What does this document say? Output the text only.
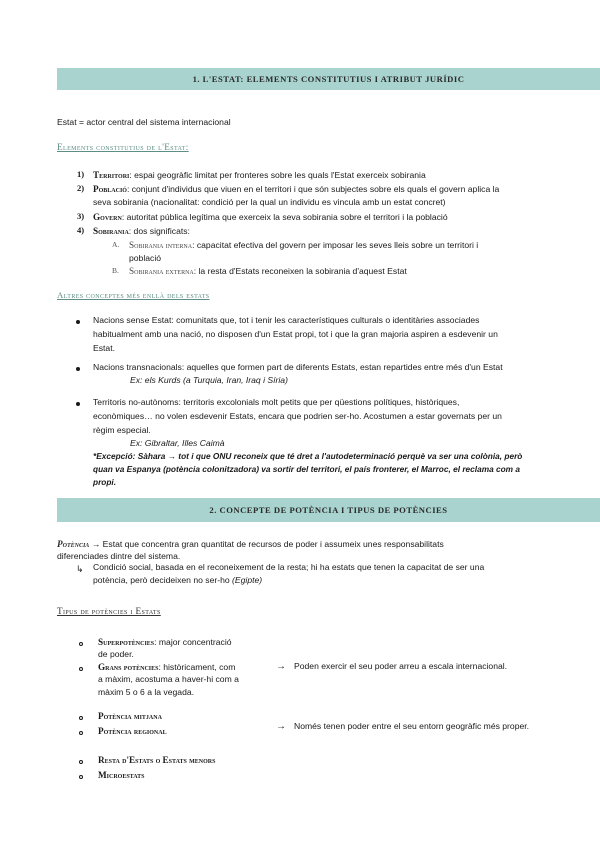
1. L'ESTAT: ELEMENTS CONSTITUTIUS I ATRIBUT JURÍDIC
Estat = actor central del sistema internacional
Elements constitutius de l'Estat:
1) Territori: espai geogràfic limitat per fronteres sobre les quals l'Estat exerceix sobirania
2) Població: conjunt d'individus que viuen en el territori i que són subjectes sobre els quals el govern aplica la
seva sobirania (nacionalitat: condició per la qual un individu es vincula amb un estat concret)
3) Govern: autoritat pública legítima que exerceix la seva sobirania sobre el territori i la població
4) Sobirania: dos significats:
A. Sobirania interna: capacitat efectiva del govern per imposar les seves lleis sobre un territori i
població
B. Sobirania externa: la resta d'Estats reconeixen la sobirania d'aquest Estat
Altres conceptes més enllà dels estats
Nacions sense Estat: comunitats que, tot i tenir les característiques culturals o identitàries associades
habitualment amb una nació, no disposen d'un Estat propi, tot i que la gran majoria aspiren a esdevenir un
Estat.
Nacions transnacionals: aquelles que formen part de diferents Estats, estan repartides entre més d'un Estat
Ex: els Kurds (a Turquia, Iran, Iraq i Síria)
Territoris no-autònoms: territoris excolonials molt petits que per qüestions polítiques, històriques,
econòmiques… no volen esdevenir Estats, encara que podrien ser-ho. Acostumen a estar governats per un
règim especial.
Ex: Gibraltar, Illes Caimà
*Excepció: Sàhara → tot i que ONU reconeix que té dret a l'autodeterminació perquè va ser una colònia, però
quan va Espanya (potència colonitzadora) va sortir del territori, el país fronterer, el Marroc, el reclama com a
propi.
2. CONCEPTE DE POTÈNCIA I TIPUS DE POTÈNCIES
Potència → Estat que concentra gran quantitat de recursos de poder i assumeix unes responsabilitats
diferenciades dintre del sistema.
↳ Condició social, basada en el reconeixement de la resta; hi ha estats que tenen la capacitat de ser una
potència, però decideixen no ser-ho (Egipte)
Tipus de potències i Estats
Superpotències: major concentració
de poder.
Grans potències: històricament, com
a màxim, acostuma a haver-hi com a
màxim 5 o 6 a la vegada.
→ Poden exercir el seu poder arreu a escala internacional.
Potència mitjana
Potència regional	→ Només tenen poder entre el seu entorn geogràfic més proper.
Resta d'Estats o Estats menors
Microestats
